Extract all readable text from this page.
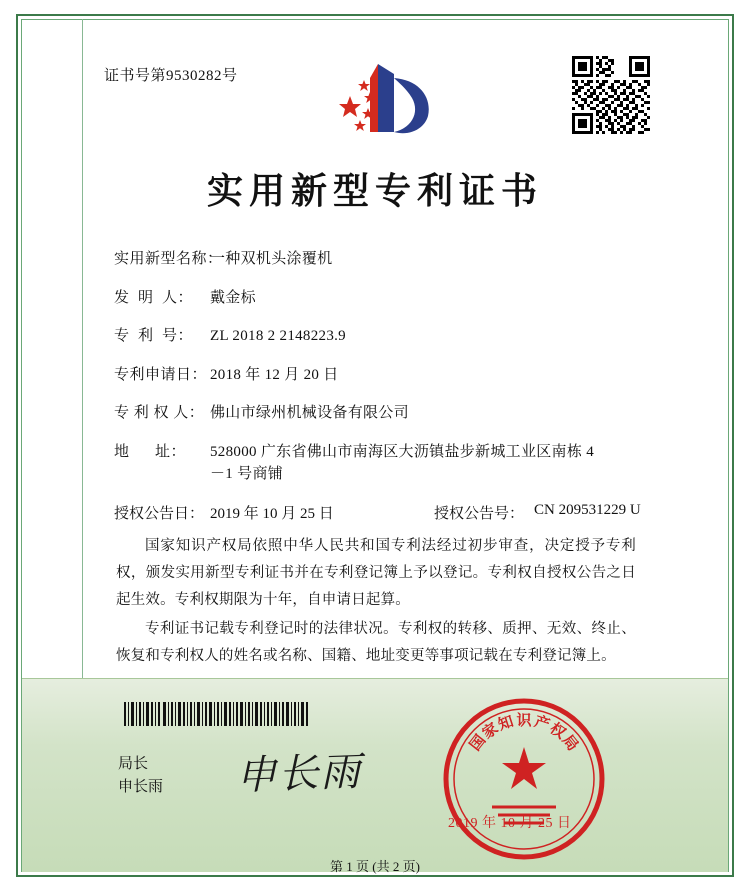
证书号第9530282号
实用新型专利证书
实用新型名称：
一种双机头涂覆机
发  明  人：	戴金标
专  利  号：	ZL 2018 2 2148223.9
专利申请日： 2018 年 12 月 20 日
专 利 权 人： 佛山市绿州机械设备有限公司
地      址：	528000 广东省佛山市南海区大沥镇盐步新城工业区南栋 4
－1 号商铺
授权公告日： 2019 年 10 月 25 日	授权公告号： CN 209531229 U

国家知识产权局依照中华人民共和国专利法经过初步审查，决定授予专利权，颁发实用新型专利证书并在专利登记簿上予以登记。专利权自授权公告之日起生效。专利权期限为十年，自申请日起算。

专利证书记载专利登记时的法律状况。专利权的转移、质押、无效、终止、恢复和专利权人的姓名或名称、国籍、地址变更等事项记载在专利登记簿上。

局长
申长雨 申长雨
国
家
知 识 产
权
局
2019 年 10 月 25 日
第 1 页 (共 2 页)
